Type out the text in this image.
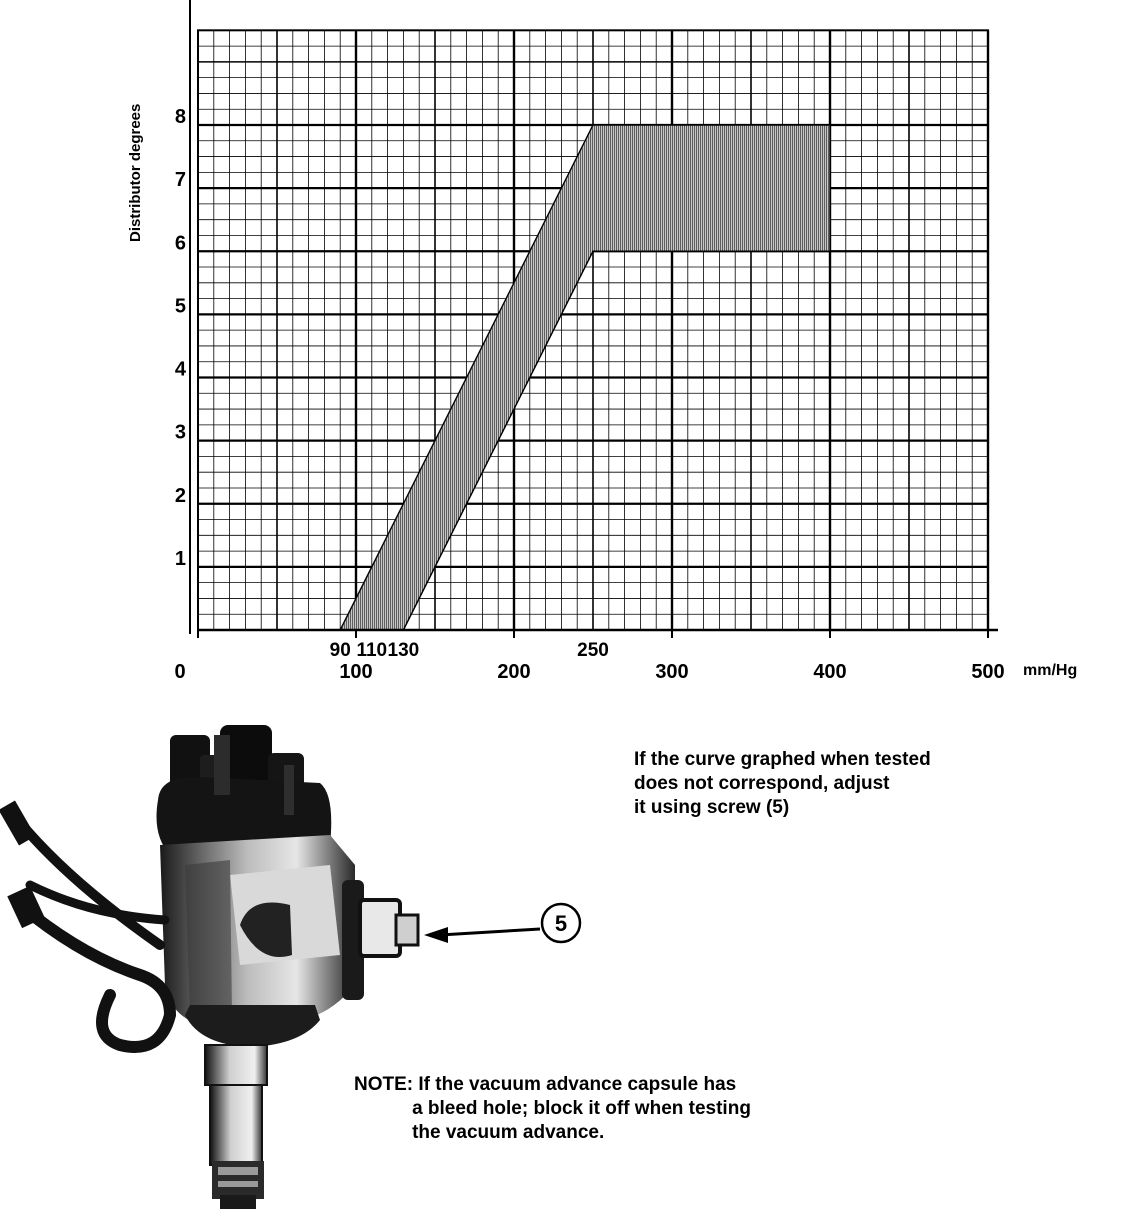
1
2
3
4
5
6
7
8
0	100	200	300	400	500
90 110 130	250
Distributor degrees
mm/Hg
5

If the curve graphed when tested
does not correspond, adjust
it using screw (5)

NOTE: If the vacuum advance capsule has
a bleed hole; block it off when testing
the vacuum advance.
